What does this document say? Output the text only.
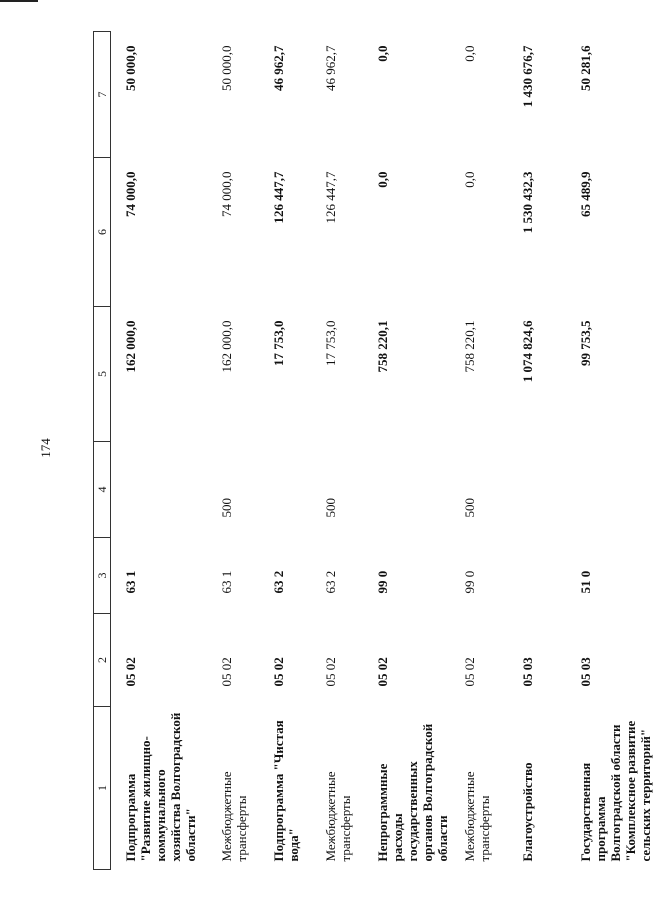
174
1	2	3	4	5	6	7
Подпрограмма "Развитие жилищно-коммунального хозяйства Волгоградской области"	05 02	63 1		162 000,0	74 000,0	50 000,0
Межбюджетные трансферты	05 02	63 1	500	162 000,0	74 000,0	50 000,0
Подпрограмма "Чистая вода"	05 02	63 2		17 753,0	126 447,7	46 962,7
Межбюджетные трансферты	05 02	63 2	500	17 753,0	126 447,7	46 962,7
Непрограммные расходы государственных органов Волгоградской области	05 02	99 0		758 220,1	0,0	0,0
Межбюджетные трансферты	05 02	99 0	500	758 220,1	0,0	0,0
Благоустройство	05 03			1 074 824,6	1 530 432,3	1 430 676,7
Государственная программа Волгоградской области "Комплексное развитие сельских территорий"	05 03	51 0		99 753,5	65 489,9	50 281,6
